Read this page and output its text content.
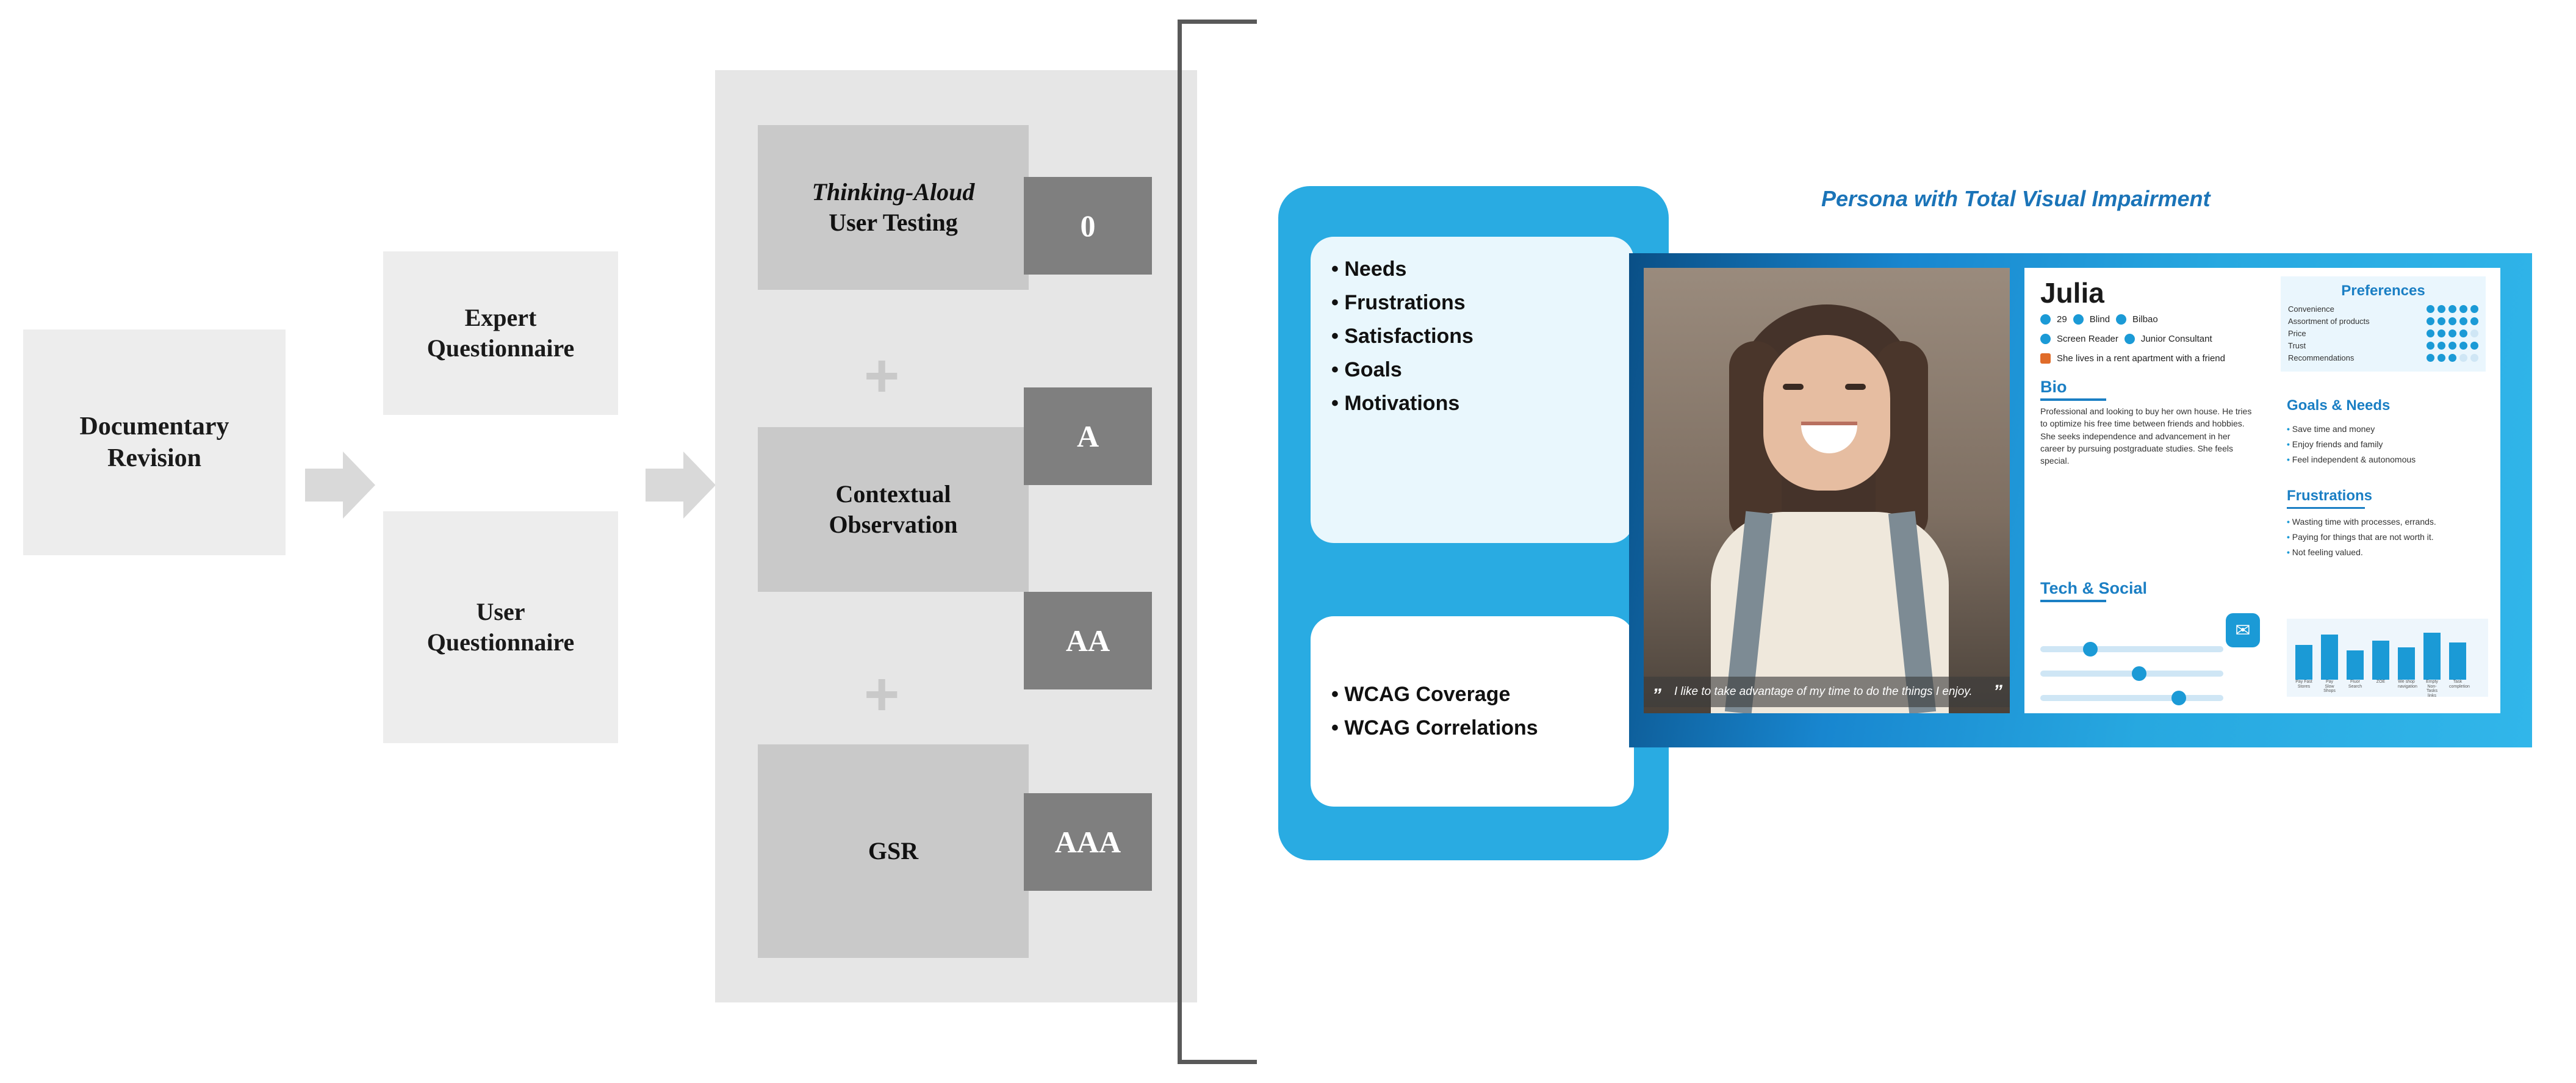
Documentary
Revision
Expert
Questionnaire
User
Questionnaire
Thinking-Aloud
User Testing	0
+
Contextual
Observation
A
AA
+
GSR	AAA
• Needs
• Frustrations
• Satisfactions
• Goals
• Motivations
• WCAG Coverage
• WCAG Correlations
Persona with Total Visual Impairment
” I like to take advantage of my time to do the things I enjoy. ”
Julia
29 Blind Bilbao
Screen Reader Junior Consultant
She lives in a rent apartment with a friend
Bio
Professional and looking to buy her own house. He tries to optimize his free time between friends and hobbies. She seeks independence and advancement in her career by pursuing postgraduate studies. She feels special.
Tech & Social
✉
Preferences
Convenience
Assortment of products
Price
Trust
Recommendations
Goals & Needs
• Save time and money
• Enjoy friends and family
• Feel independent & autonomous
Frustrations
• Wasting time with processes, errands.
• Paying for things that are not worth it.
• Not feeling valued.
Pay Fast Stores
Pay Slow Shops
Fluor Search
ZOE	We shop navigation
Empty Non-Tasks links
Task completion
